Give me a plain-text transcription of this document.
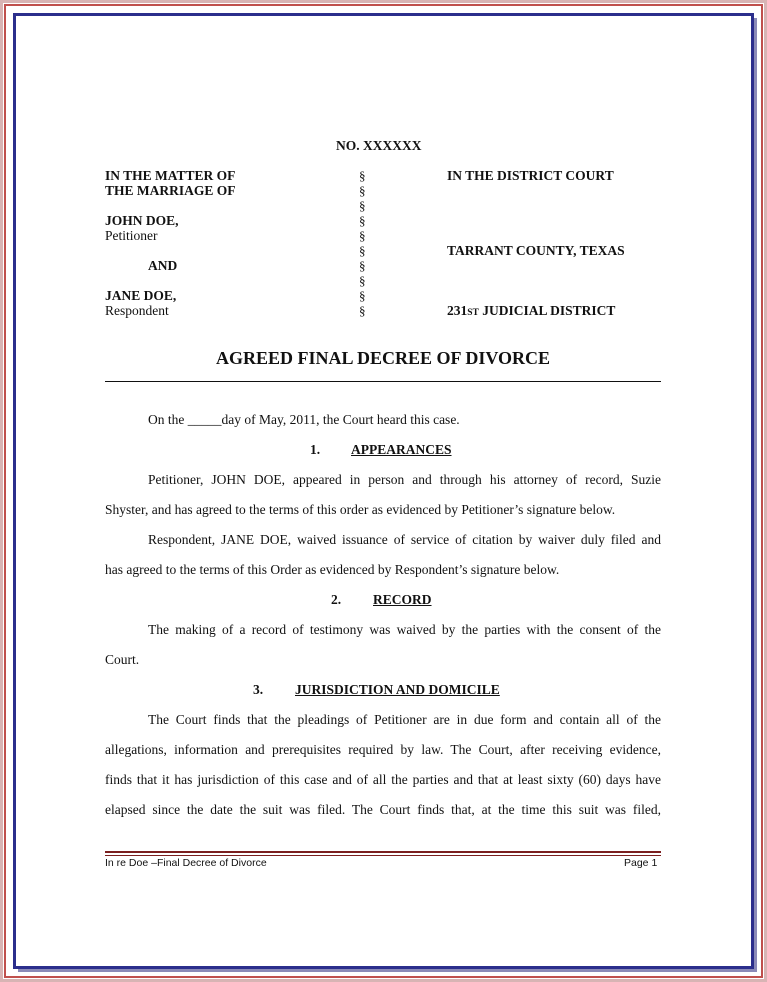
NO. XXXXXX
IN THE MATTER OF
THE MARRIAGE OF
JOHN DOE,
Petitioner
AND
JANE DOE,
Respondent
§
§
§
§
§
§
§
§
§
§
IN THE DISTRICT COURT
TARRANT COUNTY, TEXAS
231ST JUDICIAL DISTRICT
AGREED FINAL DECREE OF DIVORCE
On the _____day of May, 2011, the Court heard this case.
1. APPEARANCES
Petitioner, JOHN DOE, appeared in person and through his attorney of record, Suzie
Shyster, and has agreed to the terms of this order as evidenced by Petitioner’s signature below.
Respondent, JANE DOE, waived issuance of service of citation by waiver duly filed and
has agreed to the terms of this Order as evidenced by Respondent’s signature below.
2. RECORD
The making of a record of testimony was waived by the parties with the consent of the
Court.
3. JURISDICTION AND DOMICILE
The Court finds that the pleadings of Petitioner are in due form and contain all of the
allegations, information and prerequisites required by law. The Court, after receiving evidence,
finds that it has jurisdiction of this case and of all the parties and that at least sixty (60) days have
elapsed since the date the suit was filed. The Court finds that, at the time this suit was filed,
In re Doe –Final Decree of Divorce	Page 1
